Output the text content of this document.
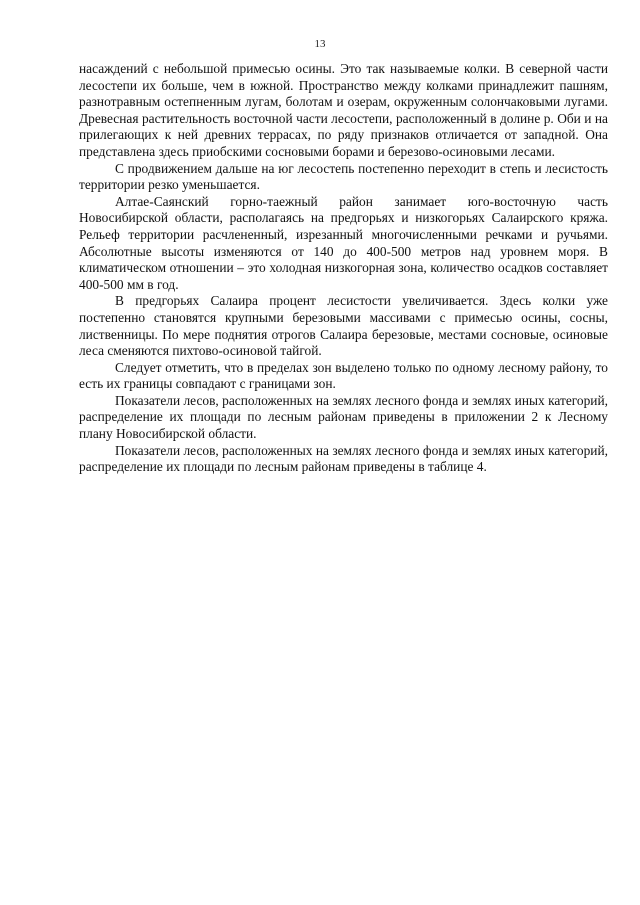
13

насаждений с небольшой примесью осины. Это так называемые колки. В северной части лесостепи их больше, чем в южной. Пространство между колками принадлежит пашням, разнотравным остепненным лугам, болотам и озерам, окруженным солончаковыми лугами. Древесная растительность восточной части лесостепи, расположенный в долине р. Оби и на прилегающих к ней древних террасах, по ряду признаков отличается от западной. Она представлена здесь приобскими сосновыми борами и березово-осиновыми лесами.

С продвижением дальше на юг лесостепь постепенно переходит в степь и лесистость территории резко уменьшается.

Алтае-Саянский горно-таежный район занимает юго-восточную часть Новосибирской области, располагаясь на предгорьях и низкогорьях Салаирского кряжа. Рельеф территории расчлененный, изрезанный многочисленными речками и ручьями. Абсолютные высоты изменяются от 140 до 400-500 метров над уровнем моря. В климатическом отношении – это холодная низкогорная зона, количество осадков составляет 400-500 мм в год.

В предгорьях Салаира процент лесистости увеличивается. Здесь колки уже постепенно становятся крупными березовыми массивами с примесью осины, сосны, лиственницы. По мере поднятия отрогов Салаира березовые, местами сосновые, осиновые леса сменяются пихтово-осиновой тайгой.

Следует отметить, что в пределах зон выделено только по одному лесному району, то есть их границы совпадают с границами зон.

Показатели лесов, расположенных на землях лесного фонда и землях иных категорий, распределение их площади по лесным районам приведены в приложении 2 к Лесному плану Новосибирской области.

Показатели лесов, расположенных на землях лесного фонда и землях иных категорий, распределение их площади по лесным районам приведены в таблице 4.
